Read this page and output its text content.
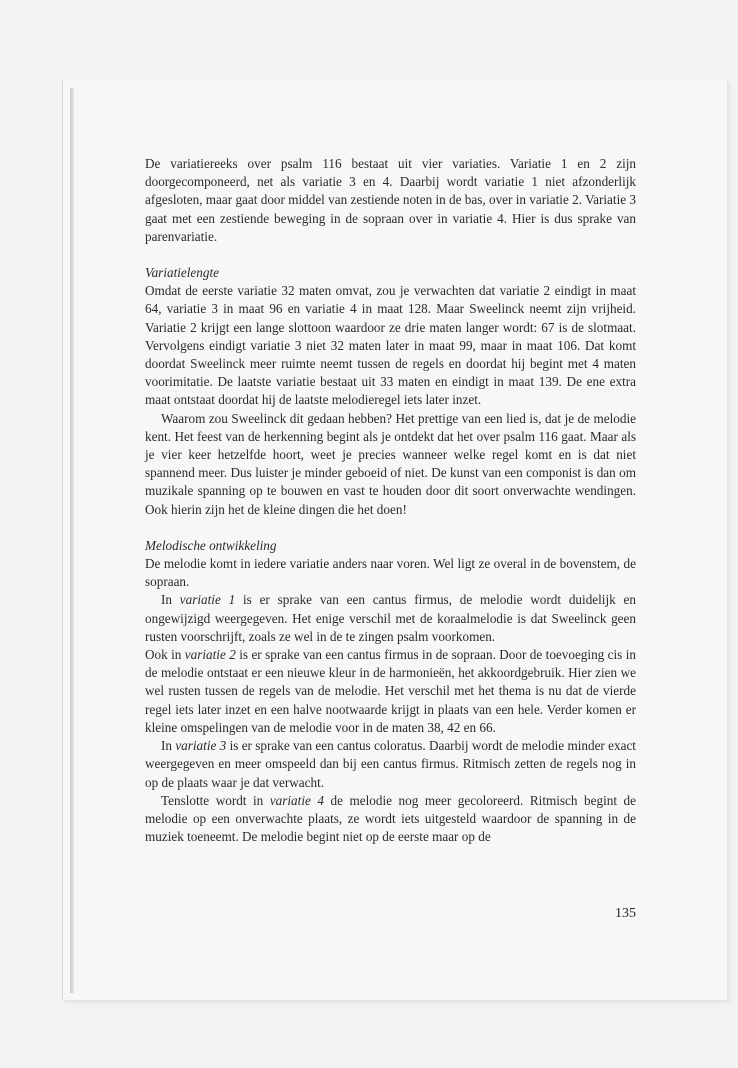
De variatiereeks over psalm 116 bestaat uit vier variaties. Variatie 1 en 2 zijn doorgecomponeerd, net als variatie 3 en 4. Daarbij wordt variatie 1 niet afzonderlijk afgesloten, maar gaat door middel van zestiende noten in de bas, over in variatie 2. Variatie 3 gaat met een zestiende beweging in de sopraan over in variatie 4. Hier is dus sprake van parenvariatie.

Variatielengte

Omdat de eerste variatie 32 maten omvat, zou je verwachten dat variatie 2 eindigt in maat 64, variatie 3 in maat 96 en variatie 4 in maat 128. Maar Sweelinck neemt zijn vrijheid. Variatie 2 krijgt een lange slottoon waardoor ze drie maten langer wordt: 67 is de slotmaat. Vervolgens eindigt variatie 3 niet 32 maten later in maat 99, maar in maat 106. Dat komt doordat Sweelinck meer ruimte neemt tussen de regels en doordat hij begint met 4 maten voorimitatie. De laatste variatie bestaat uit 33 maten en eindigt in maat 139. De ene extra maat ontstaat doordat hij de laatste melodieregel iets later inzet.

Waarom zou Sweelinck dit gedaan hebben? Het prettige van een lied is, dat je de melodie kent. Het feest van de herkenning begint als je ontdekt dat het over psalm 116 gaat. Maar als je vier keer hetzelfde hoort, weet je precies wanneer welke regel komt en is dat niet spannend meer. Dus luister je minder geboeid of niet. De kunst van een componist is dan om muzikale spanning op te bouwen en vast te houden door dit soort onverwachte wendingen. Ook hierin zijn het de kleine dingen die het doen!

Melodische ontwikkeling

De melodie komt in iedere variatie anders naar voren. Wel ligt ze overal in de bovenstem, de sopraan.

In variatie 1 is er sprake van een cantus firmus, de melodie wordt duidelijk en ongewijzigd weergegeven. Het enige verschil met de koraalmelodie is dat Sweelinck geen rusten voorschrijft, zoals ze wel in de te zingen psalm voorkomen.

Ook in variatie 2 is er sprake van een cantus firmus in de sopraan. Door de toevoeging cis in de melodie ontstaat er een nieuwe kleur in de harmonieën, het akkoordgebruik. Hier zien we wel rusten tussen de regels van de melodie. Het verschil met het thema is nu dat de vierde regel iets later inzet en een halve nootwaarde krijgt in plaats van een hele. Verder komen er kleine omspelingen van de melodie voor in de maten 38, 42 en 66.

In variatie 3 is er sprake van een cantus coloratus. Daarbij wordt de melodie minder exact weergegeven en meer omspeeld dan bij een cantus firmus. Ritmisch zetten de regels nog in op de plaats waar je dat verwacht.

Tenslotte wordt in variatie 4 de melodie nog meer gecoloreerd. Ritmisch begint de melodie op een onverwachte plaats, ze wordt iets uitgesteld waardoor de spanning in de muziek toeneemt. De melodie begint niet op de eerste maar op de

135
